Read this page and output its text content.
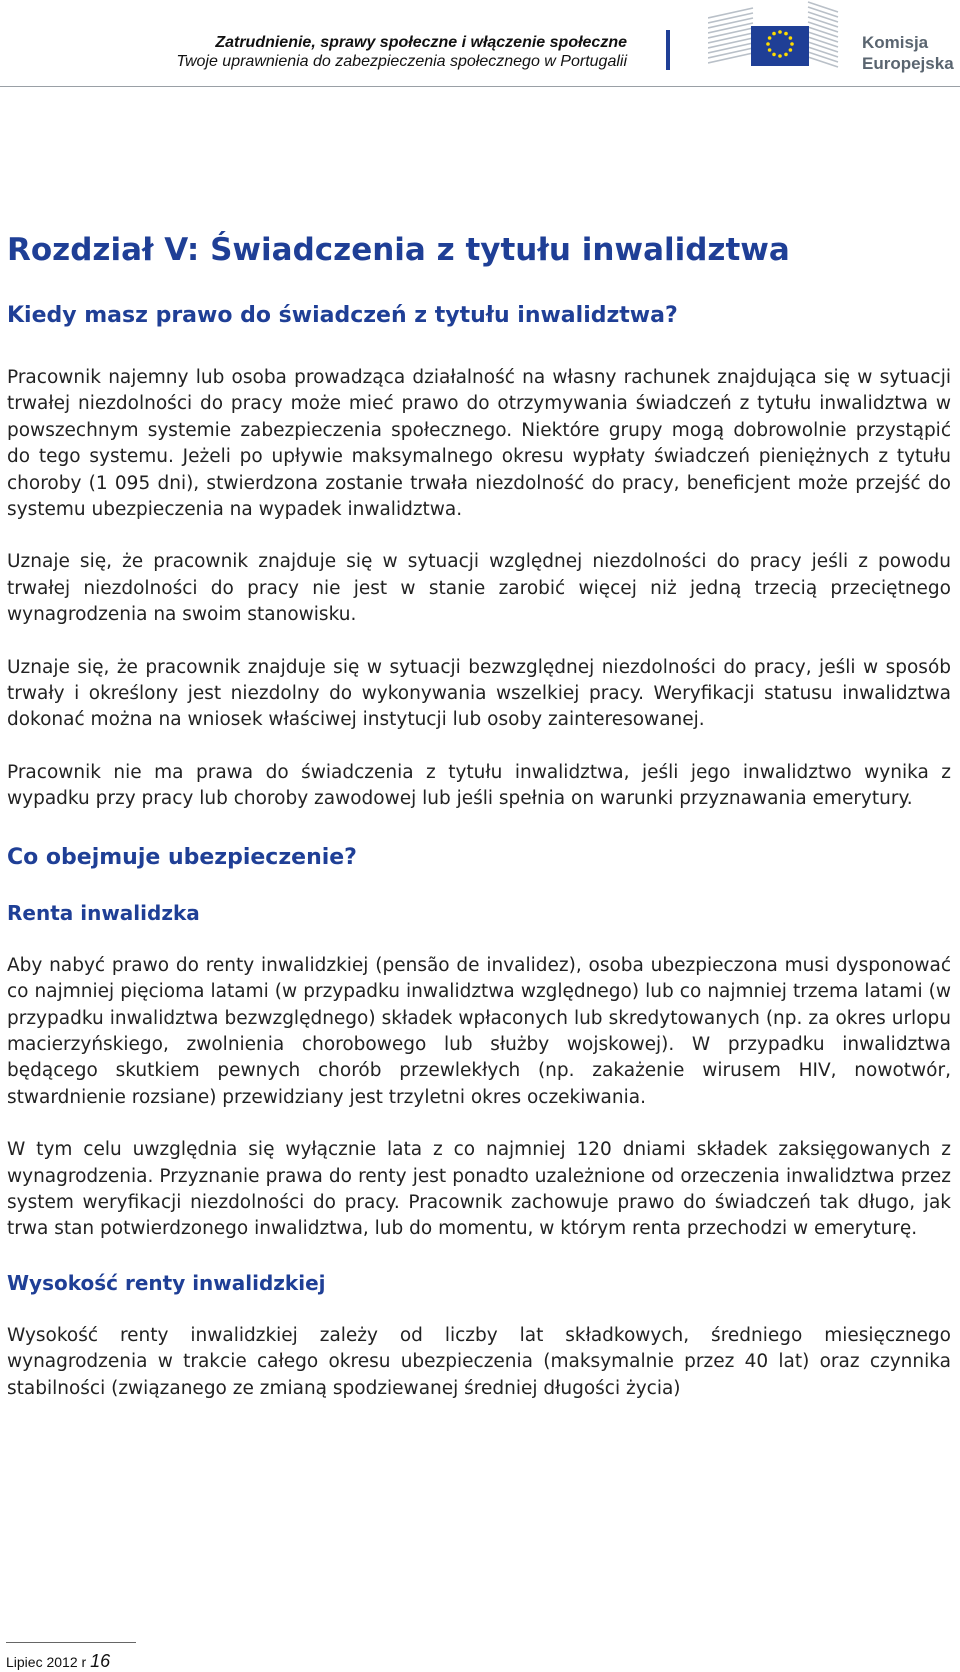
Zatrudnienie, sprawy społeczne i włączenie społeczne
Twoje uprawnienia do zabezpieczenia społecznego w Portugalii
Komisja
Europejska
Rozdział V: Świadczenia z tytułu inwalidztwa
Kiedy masz prawo do świadczeń z tytułu inwalidztwa?

Pracownik najemny lub osoba prowadząca działalność na własny rachunek znajdująca się w sytuacji trwałej niezdolności do pracy może mieć prawo do otrzymywania świadczeń z tytułu inwalidztwa w powszechnym systemie zabezpieczenia społecznego. Niektóre grupy mogą dobrowolnie przystąpić do tego systemu. Jeżeli po upływie maksymalnego okresu wypłaty świadczeń pieniężnych z tytułu choroby (1 095 dni), stwierdzona zostanie trwała niezdolność do pracy, beneficjent może przejść do systemu ubezpieczenia na wypadek inwalidztwa.

Uznaje się, że pracownik znajduje się w sytuacji względnej niezdolności do pracy jeśli z powodu trwałej niezdolności do pracy nie jest w stanie zarobić więcej niż jedną trzecią przeciętnego wynagrodzenia na swoim stanowisku.

Uznaje się, że pracownik znajduje się w sytuacji bezwzględnej niezdolności do pracy, jeśli w sposób trwały i określony jest niezdolny do wykonywania wszelkiej pracy. Weryfikacji statusu inwalidztwa dokonać można na wniosek właściwej instytucji lub osoby zainteresowanej.

Pracownik nie ma prawa do świadczenia z tytułu inwalidztwa, jeśli jego inwalidztwo wynika z wypadku przy pracy lub choroby zawodowej lub jeśli spełnia on warunki przyznawania emerytury.

Co obejmuje ubezpieczenie?
Renta inwalidzka

Aby nabyć prawo do renty inwalidzkiej (pensão de invalidez), osoba ubezpieczona musi dysponować co najmniej pięcioma latami (w przypadku inwalidztwa względnego) lub co najmniej trzema latami (w przypadku inwalidztwa bezwzględnego) składek wpłaconych lub skredytowanych (np. za okres urlopu macierzyńskiego, zwolnienia chorobowego lub służby wojskowej). W przypadku inwalidztwa będącego skutkiem pewnych chorób przewlekłych (np. zakażenie wirusem HIV, nowotwór, stwardnienie rozsiane) przewidziany jest trzyletni okres oczekiwania.

W tym celu uwzględnia się wyłącznie lata z co najmniej 120 dniami składek zaksięgowanych z wynagrodzenia. Przyznanie prawa do renty jest ponadto uzależnione od orzeczenia inwalidztwa przez system weryfikacji niezdolności do pracy. Pracownik zachowuje prawo do świadczeń tak długo, jak trwa stan potwierdzonego inwalidztwa, lub do momentu, w którym renta przechodzi w emeryturę.

Wysokość renty inwalidzkiej

Wysokość renty inwalidzkiej zależy od liczby lat składkowych, średniego miesięcznego wynagrodzenia w trakcie całego okresu ubezpieczenia (maksymalnie przez 40 lat) oraz czynnika stabilności (związanego ze zmianą spodziewanej średniej długości życia)

Lipiec 2012 r 16
